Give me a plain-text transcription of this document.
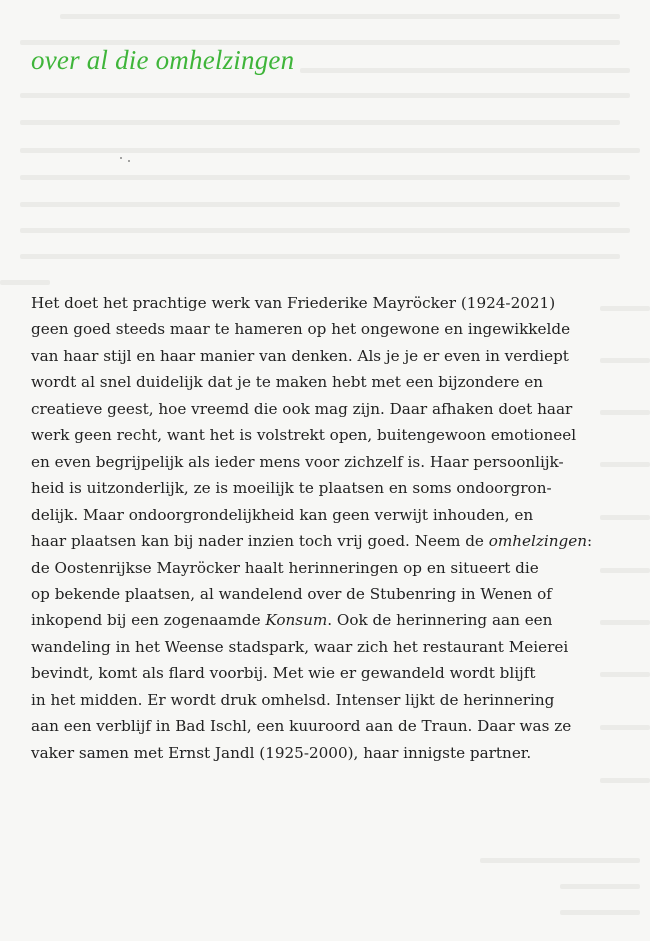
over al die omhelzingen
Het doet het prachtige werk van Friederike Mayröcker (1924-2021)
geen goed steeds maar te hameren op het ongewone en ingewikkelde
van haar stijl en haar manier van denken. Als je je er even in verdiept
wordt al snel duidelijk dat je te maken hebt met een bijzondere en
creatieve geest, hoe vreemd die ook mag zijn. Daar afhaken doet haar
werk geen recht, want het is volstrekt open, buitengewoon emotioneel
en even begrijpelijk als ieder mens voor zichzelf is. Haar persoonlijk-
heid is uitzonderlijk, ze is moeilijk te plaatsen en soms ondoorgron-
delijk. Maar ondoorgrondelijkheid kan geen verwijt inhouden, en
haar plaatsen kan bij nader inzien toch vrij goed. Neem de omhelzingen:
de Oostenrijkse Mayröcker haalt herinneringen op en situeert die
op bekende plaatsen, al wandelend over de Stubenring in Wenen of
inkopend bij een zogenaamde Konsum. Ook de herinnering aan een
wandeling in het Weense stadspark, waar zich het restaurant Meierei
bevindt, komt als flard voorbij. Met wie er gewandeld wordt blijft
in het midden. Er wordt druk omhelsd. Intenser lijkt de herinnering
aan een verblijf in Bad Ischl, een kuuroord aan de Traun. Daar was ze
vaker samen met Ernst Jandl (1925-2000), haar innigste partner.
